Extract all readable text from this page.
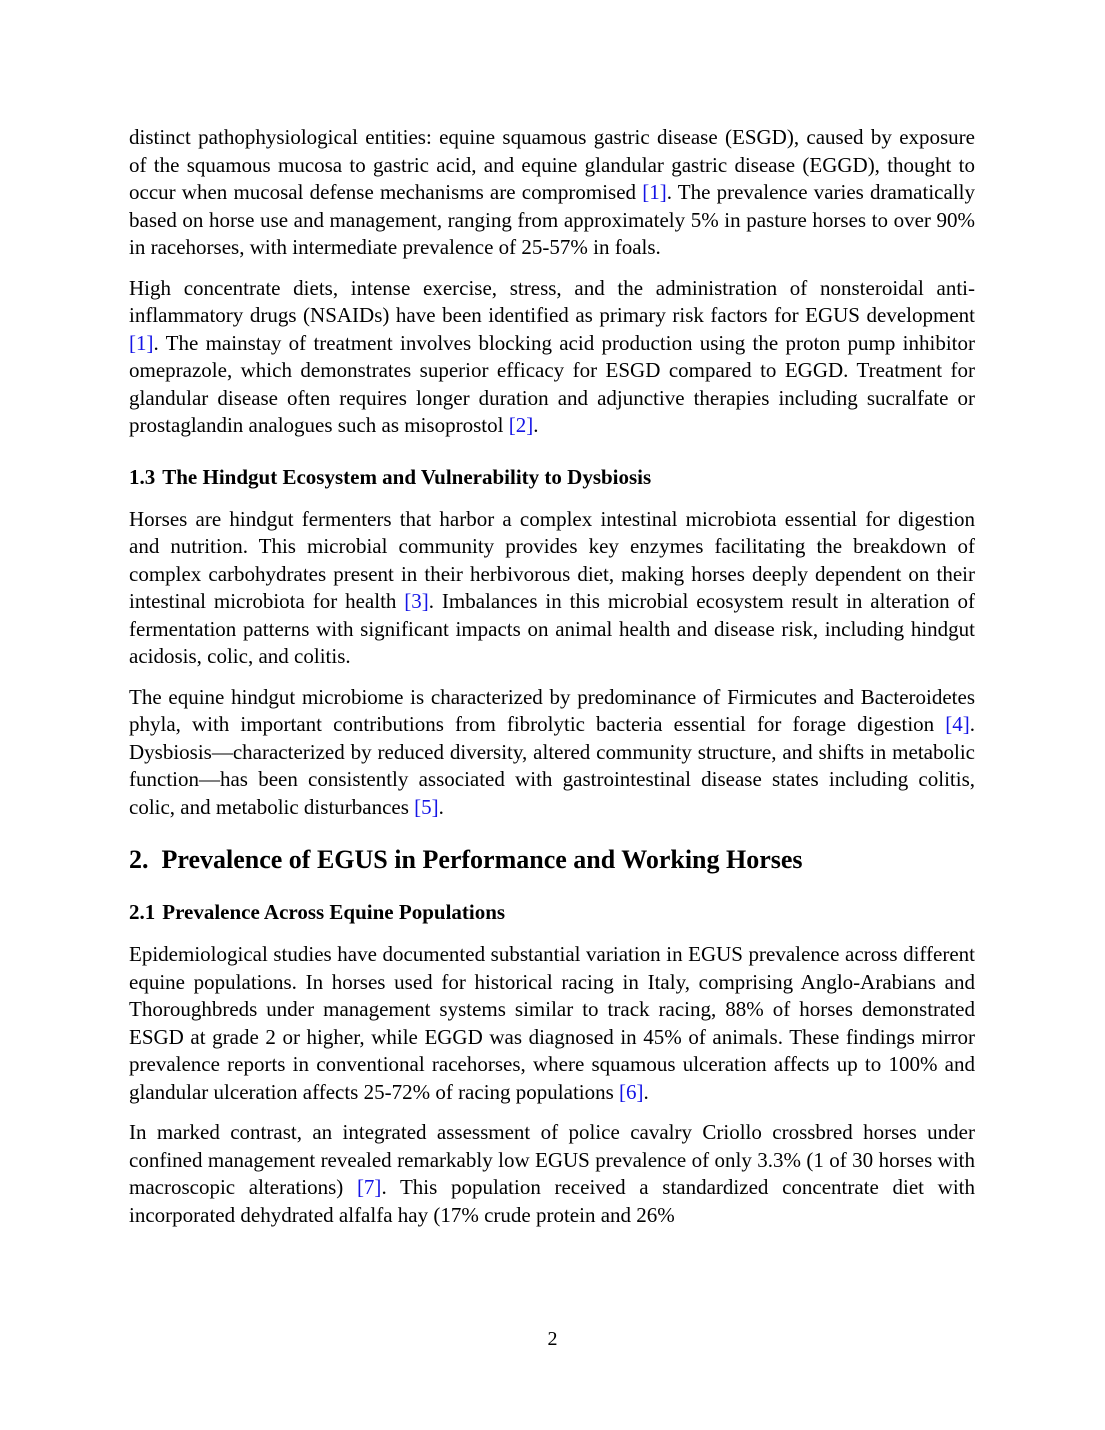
distinct pathophysiological entities: equine squamous gastric disease (ESGD), caused by exposure of the squamous mucosa to gastric acid, and equine glandular gastric disease (EGGD), thought to occur when mucosal defense mechanisms are compromised [1]. The prevalence varies dramatically based on horse use and management, ranging from approximately 5% in pasture horses to over 90% in racehorses, with intermediate prevalence of 25-57% in foals.

High concentrate diets, intense exercise, stress, and the administration of nonsteroidal anti-inflammatory drugs (NSAIDs) have been identified as primary risk factors for EGUS development [1]. The mainstay of treatment involves blocking acid production using the proton pump inhibitor omeprazole, which demonstrates superior efficacy for ESGD compared to EGGD. Treatment for glandular disease often requires longer duration and adjunctive therapies including sucralfate or prostaglandin analogues such as misoprostol [2].

1.3 The Hindgut Ecosystem and Vulnerability to Dysbiosis

Horses are hindgut fermenters that harbor a complex intestinal microbiota essential for digestion and nutrition. This microbial community provides key enzymes facilitating the breakdown of complex carbohydrates present in their herbivorous diet, making horses deeply dependent on their intestinal microbiota for health [3]. Imbalances in this microbial ecosystem result in alteration of fermentation patterns with significant impacts on animal health and disease risk, including hindgut acidosis, colic, and colitis.

The equine hindgut microbiome is characterized by predominance of Firmicutes and Bacteroidetes phyla, with important contributions from fibrolytic bacteria essential for forage digestion [4]. Dysbiosis—characterized by reduced diversity, altered community structure, and shifts in metabolic function—has been consistently associated with gastrointestinal disease states including colitis, colic, and metabolic disturbances [5].

2. Prevalence of EGUS in Performance and Working Horses
2.1 Prevalence Across Equine Populations

Epidemiological studies have documented substantial variation in EGUS prevalence across different equine populations. In horses used for historical racing in Italy, comprising Anglo-Arabians and Thoroughbreds under management systems similar to track racing, 88% of horses demonstrated ESGD at grade 2 or higher, while EGGD was diagnosed in 45% of animals. These findings mirror prevalence reports in conventional racehorses, where squamous ulceration affects up to 100% and glandular ulceration affects 25-72% of racing populations [6].

In marked contrast, an integrated assessment of police cavalry Criollo crossbred horses under confined management revealed remarkably low EGUS prevalence of only 3.3% (1 of 30 horses with macroscopic alterations) [7]. This population received a standardized concentrate diet with incorporated dehydrated alfalfa hay (17% crude protein and 26%

2
